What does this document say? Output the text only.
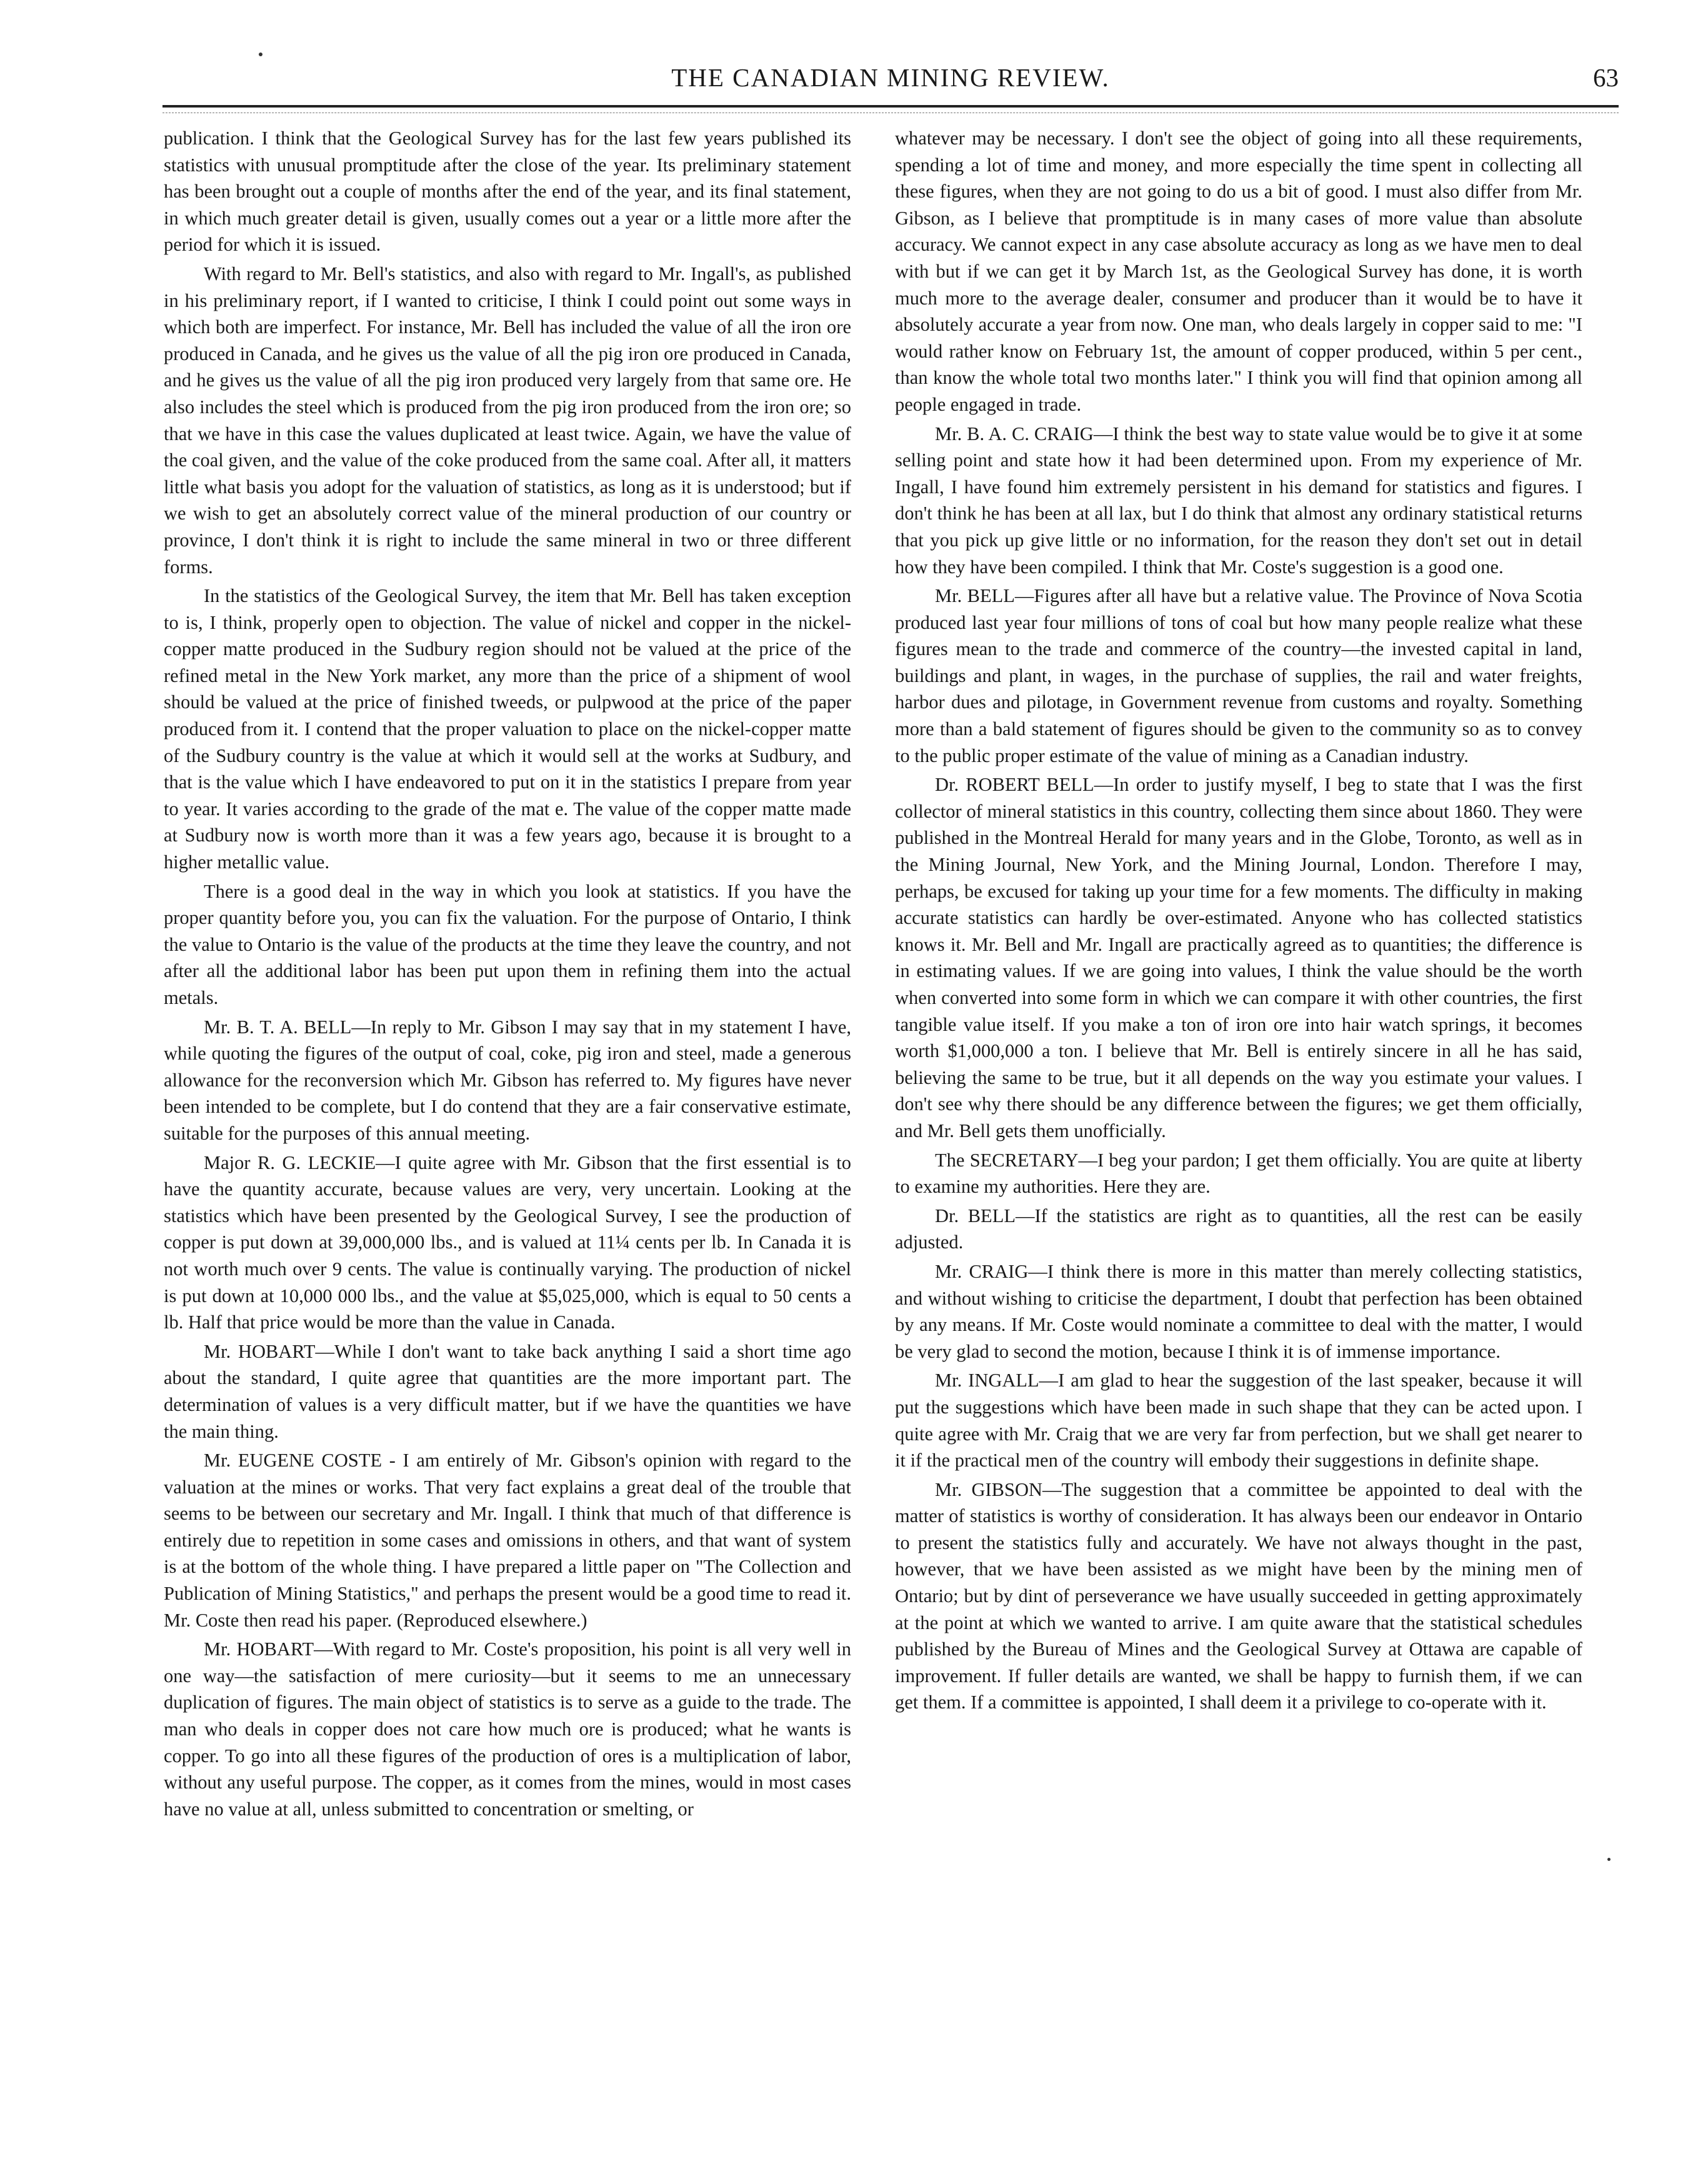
THE CANADIAN MINING REVIEW.	63

publication. I think that the Geological Survey has for the last few years published its statistics with unusual promptitude after the close of the year. Its preliminary statement has been brought out a couple of months after the end of the year, and its final statement, in which much greater detail is given, usually comes out a year or a little more after the period for which it is issued.

With regard to Mr. Bell's statistics, and also with regard to Mr. Ingall's, as published in his preliminary report, if I wanted to criticise, I think I could point out some ways in which both are imperfect. For instance, Mr. Bell has included the value of all the iron ore produced in Canada, and he gives us the value of all the pig iron ore produced in Canada, and he gives us the value of all the pig iron produced very largely from that same ore. He also includes the steel which is produced from the pig iron produced from the iron ore; so that we have in this case the values duplicated at least twice. Again, we have the value of the coal given, and the value of the coke produced from the same coal. After all, it matters little what basis you adopt for the valuation of statistics, as long as it is understood; but if we wish to get an absolutely correct value of the mineral production of our country or province, I don't think it is right to include the same mineral in two or three different forms.

In the statistics of the Geological Survey, the item that Mr. Bell has taken exception to is, I think, properly open to objection. The value of nickel and copper in the nickel-copper matte produced in the Sudbury region should not be valued at the price of the refined metal in the New York market, any more than the price of a shipment of wool should be valued at the price of finished tweeds, or pulpwood at the price of the paper produced from it. I contend that the proper valuation to place on the nickel-copper matte of the Sudbury country is the value at which it would sell at the works at Sudbury, and that is the value which I have endeavored to put on it in the statistics I prepare from year to year. It varies according to the grade of the mat e. The value of the copper matte made at Sudbury now is worth more than it was a few years ago, because it is brought to a higher metallic value.

There is a good deal in the way in which you look at statistics. If you have the proper quantity before you, you can fix the valuation. For the purpose of Ontario, I think the value to Ontario is the value of the products at the time they leave the country, and not after all the additional labor has been put upon them in refining them into the actual metals.

Mr. B. T. A. BELL—In reply to Mr. Gibson I may say that in my statement I have, while quoting the figures of the output of coal, coke, pig iron and steel, made a generous allowance for the reconversion which Mr. Gibson has referred to. My figures have never been intended to be complete, but I do contend that they are a fair conservative estimate, suitable for the purposes of this annual meeting.

Major R. G. LECKIE—I quite agree with Mr. Gibson that the first essential is to have the quantity accurate, because values are very, very uncertain. Looking at the statistics which have been presented by the Geological Survey, I see the production of copper is put down at 39,000,000 lbs., and is valued at 11¼ cents per lb. In Canada it is not worth much over 9 cents. The value is continually varying. The production of nickel is put down at 10,000 000 lbs., and the value at $5,025,000, which is equal to 50 cents a lb. Half that price would be more than the value in Canada.

Mr. HOBART—While I don't want to take back anything I said a short time ago about the standard, I quite agree that quantities are the more important part. The determination of values is a very difficult matter, but if we have the quantities we have the main thing.

Mr. EUGENE COSTE - I am entirely of Mr. Gibson's opinion with regard to the valuation at the mines or works. That very fact explains a great deal of the trouble that seems to be between our secretary and Mr. Ingall. I think that much of that difference is entirely due to repetition in some cases and omissions in others, and that want of system is at the bottom of the whole thing. I have prepared a little paper on "The Collection and Publication of Mining Statistics," and perhaps the present would be a good time to read it. Mr. Coste then read his paper. (Reproduced elsewhere.)

Mr. HOBART—With regard to Mr. Coste's proposition, his point is all very well in one way—the satisfaction of mere curiosity—but it seems to me an unnecessary duplication of figures. The main object of statistics is to serve as a guide to the trade. The man who deals in copper does not care how much ore is produced; what he wants is copper. To go into all these figures of the production of ores is a multiplication of labor, without any useful purpose. The copper, as it comes from the mines, would in most cases have no value at all, unless submitted to concentration or smelting, or

whatever may be necessary. I don't see the object of going into all these requirements, spending a lot of time and money, and more especially the time spent in collecting all these figures, when they are not going to do us a bit of good. I must also differ from Mr. Gibson, as I believe that promptitude is in many cases of more value than absolute accuracy. We cannot expect in any case absolute accuracy as long as we have men to deal with but if we can get it by March 1st, as the Geological Survey has done, it is worth much more to the average dealer, consumer and producer than it would be to have it absolutely accurate a year from now. One man, who deals largely in copper said to me: "I would rather know on February 1st, the amount of copper produced, within 5 per cent., than know the whole total two months later." I think you will find that opinion among all people engaged in trade.

Mr. B. A. C. CRAIG—I think the best way to state value would be to give it at some selling point and state how it had been determined upon. From my experience of Mr. Ingall, I have found him extremely persistent in his demand for statistics and figures. I don't think he has been at all lax, but I do think that almost any ordinary statistical returns that you pick up give little or no information, for the reason they don't set out in detail how they have been compiled. I think that Mr. Coste's suggestion is a good one.

Mr. BELL—Figures after all have but a relative value. The Province of Nova Scotia produced last year four millions of tons of coal but how many people realize what these figures mean to the trade and commerce of the country—the invested capital in land, buildings and plant, in wages, in the purchase of supplies, the rail and water freights, harbor dues and pilotage, in Government revenue from customs and royalty. Something more than a bald statement of figures should be given to the community so as to convey to the public proper estimate of the value of mining as a Canadian industry.

Dr. ROBERT BELL—In order to justify myself, I beg to state that I was the first collector of mineral statistics in this country, collecting them since about 1860. They were published in the Montreal Herald for many years and in the Globe, Toronto, as well as in the Mining Journal, New York, and the Mining Journal, London. Therefore I may, perhaps, be excused for taking up your time for a few moments. The difficulty in making accurate statistics can hardly be over-estimated. Anyone who has collected statistics knows it. Mr. Bell and Mr. Ingall are practically agreed as to quantities; the difference is in estimating values. If we are going into values, I think the value should be the worth when converted into some form in which we can compare it with other countries, the first tangible value itself. If you make a ton of iron ore into hair watch springs, it becomes worth $1,000,000 a ton. I believe that Mr. Bell is entirely sincere in all he has said, believing the same to be true, but it all depends on the way you estimate your values. I don't see why there should be any difference between the figures; we get them officially, and Mr. Bell gets them unofficially.

The SECRETARY—I beg your pardon; I get them officially. You are quite at liberty to examine my authorities. Here they are.

Dr. BELL—If the statistics are right as to quantities, all the rest can be easily adjusted.

Mr. CRAIG—I think there is more in this matter than merely collecting statistics, and without wishing to criticise the department, I doubt that perfection has been obtained by any means. If Mr. Coste would nominate a committee to deal with the matter, I would be very glad to second the motion, because I think it is of immense importance.

Mr. INGALL—I am glad to hear the suggestion of the last speaker, because it will put the suggestions which have been made in such shape that they can be acted upon. I quite agree with Mr. Craig that we are very far from perfection, but we shall get nearer to it if the practical men of the country will embody their suggestions in definite shape.

Mr. GIBSON—The suggestion that a committee be appointed to deal with the matter of statistics is worthy of consideration. It has always been our endeavor in Ontario to present the statistics fully and accurately. We have not always thought in the past, however, that we have been assisted as we might have been by the mining men of Ontario; but by dint of perseverance we have usually succeeded in getting approximately at the point at which we wanted to arrive. I am quite aware that the statistical schedules published by the Bureau of Mines and the Geological Survey at Ottawa are capable of improvement. If fuller details are wanted, we shall be happy to furnish them, if we can get them. If a committee is appointed, I shall deem it a privilege to co-operate with it.
